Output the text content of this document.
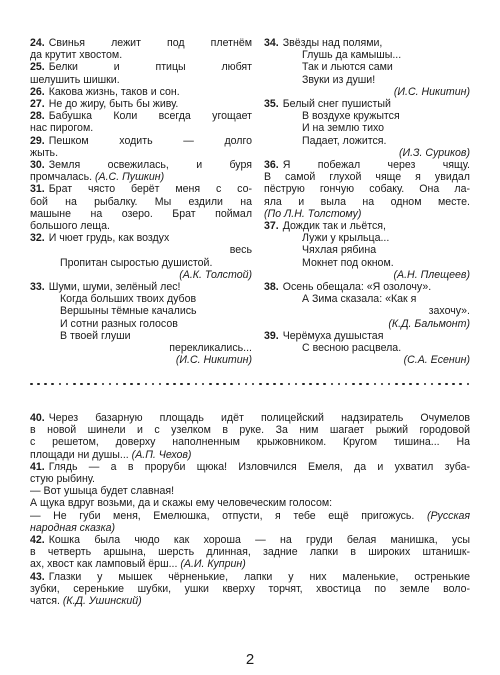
24. Свинья лежит под плетнём
да крутит хвостом.
25. Белки и птицы любят
шелушить шишки.
26. Какова жизнь, таков и сон.
27. Не до жиру, быть бы живу.
28. Бабушка Коли всегда угощает
нас пирогом.
29. Пешком ходить — долго
жыть.
30. Земля освежилась, и буря
промчалась. (А.С. Пушкин)
31. Брат чясто берёт меня с со-
бой на рыбалку. Мы ездили на
машыне на озеро. Брат поймал
большого леща.
32. И чюет грудь, как воздух
весь
Пропитан сыростью душистой.
(А.К. Толстой)
33. Шуми, шуми, зелёный лес!
Когда больших твоих дубов
Вершыны тёмные качались
И сотни разных голосов
В твоей глуши
перекликались...
(И.С. Никитин)
34. Звёзды над полями,
Глушь да камышы...
Так и льются сами
Звуки из души!
(И.С. Никитин)
35. Белый снег пушистый
В воздухе кружытся
И на землю тихо
Падает, ложится.
(И.З. Суриков)
36. Я побежал через чящу.
В самой глухой чяще я увидал
пёструю гончую собаку. Она ла-
яла и выла на одном месте.
(По Л.Н. Толстому)
37. Дождик так и льётся,
Лужи у крыльца...
Чяхлая рябина
Мокнет под окном.
(А.Н. Плещеев)
38. Осень обещала: «Я озолочу».
А Зима сказала: «Как я
захочу».
(К.Д. Бальмонт)
39. Черёмуха душыстая
С весною расцвела.
(С.А. Есенин)
40. Через базарную площадь идёт полицейский надзиратель Очумелов
в новой шинели и с узелком в руке. За ним шагает рыжий городовой
с решетом, доверху наполненным крыжовником. Кругом тишина... На
площади ни душы... (А.П. Чехов)
41. Глядь — а в проруби щюка! Изловчился Емеля, да и ухватил зуба-
стую рыбину.
— Вот ушыца будет славная!
А щука вдруг возьми, да и скажы ему человеческим голосом:
— Не губи меня, Емелюшка, отпусти, я тебе ещё пригожусь. (Русская
народная сказка)
42. Кошка была чюдо как хороша — на груди белая манишка, усы
в четверть аршына, шерсть длинная, задние лапки в широких штанишк-
ах, хвост как ламповый ёрш... (А.И. Куприн)
43. Глазки у мышек чёрненькие, лапки у них маленькие, остренькие
зубки, серенькие шубки, ушки кверху торчят, хвостица по земле воло-
чатся. (К.Д. Ушинский)
2
